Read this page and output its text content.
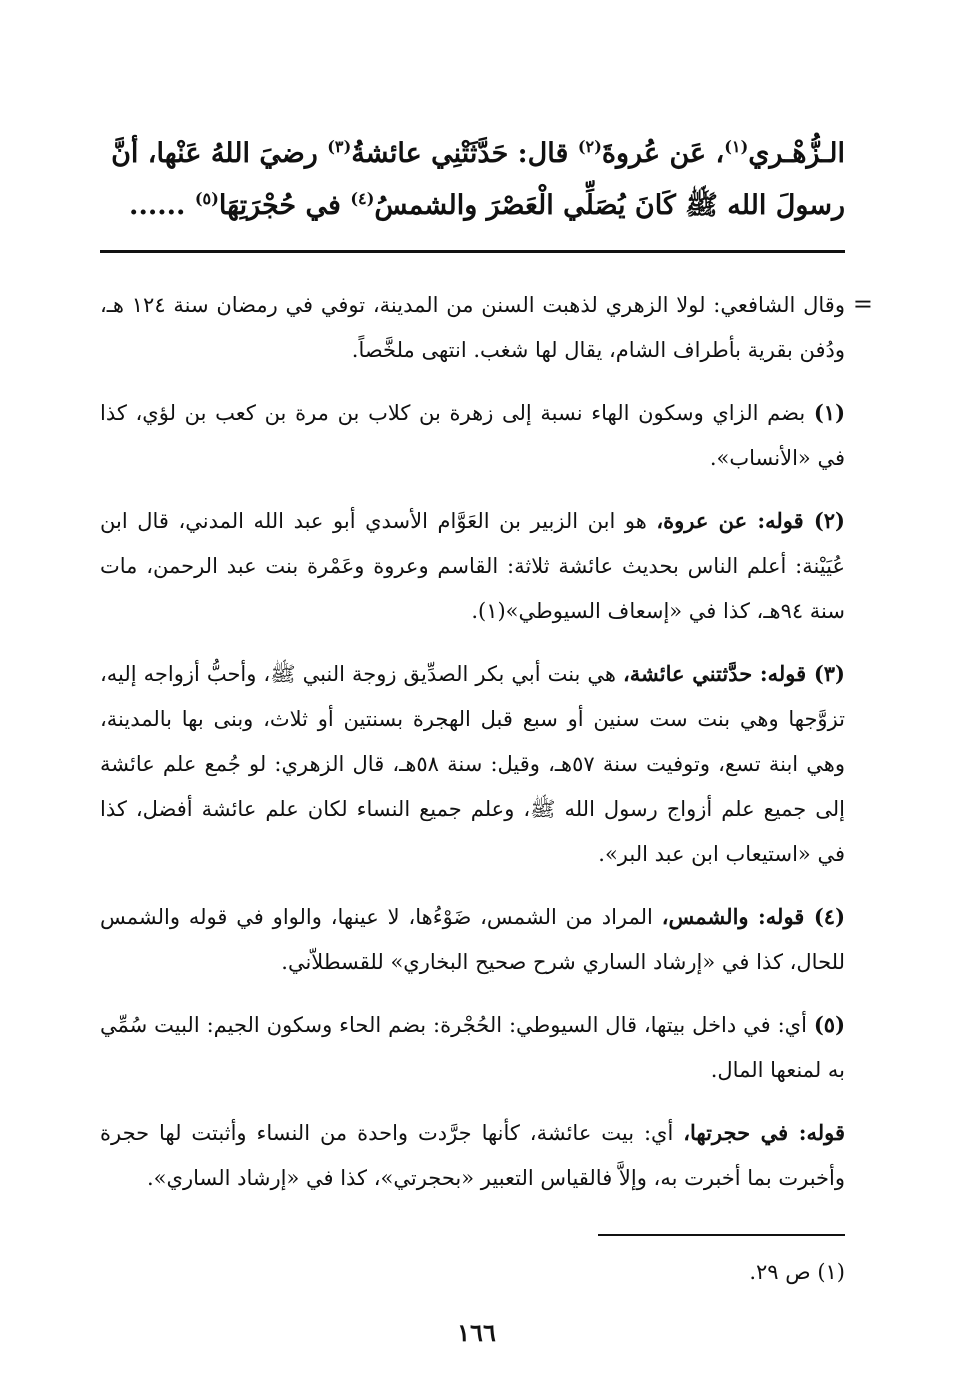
الـزُّهْـري$^{(١)}$، عَن عُروةَ$^{(٢)}$ قال: حَدَّثَتْنِي عائشةُ$^{(٣)}$ رضيَ اللهُ عَنْها، أنَّ

رسولَ الله ﷺ كَانَ يُصَلِّي الْعَصْرَ والشمسُ$^{(٤)}$ في حُجْرَتِهَا$^{(٥)}$ ......

=

وقال الشافعي: لولا الزهري لذهبت السنن من المدينة، توفي في رمضان سنة ١٢٤ هـ، ودُفن بقرية بأطراف الشام، يقال لها شغب. انتهى ملخَّصاً.

(١) بضم الزاي وسكون الهاء نسبة إلى زهرة بن كلاب بن مرة بن كعب بن لؤي، كذا في «الأنساب».

(٢) قوله: عن عروة، هو ابن الزبير بن العَوَّام الأسدي أبو عبد الله المدني، قال ابن عُيَيْنة: أعلم الناس بحديث عائشة ثلاثة: القاسم وعروة وعَمْرة بنت عبد الرحمن، مات سنة ٩٤هـ، كذا في «إسعاف السيوطي»(١).

(٣) قوله: حدَّثتني عائشة، هي بنت أبي بكر الصدِّيق زوجة النبي ﷺ، وأحبُّ أزواجه إليه، تزوَّجها وهي بنت ست سنين أو سبع قبل الهجرة بسنتين أو ثلاث، وبنى بها بالمدينة، وهي ابنة تسع، وتوفيت سنة ٥٧هـ، وقيل: سنة ٥٨هـ، قال الزهري: لو جُمع علم عائشة إلى جميع علم أزواج رسول الله ﷺ، وعلم جميع النساء لكان علم عائشة أفضل، كذا في «استيعاب ابن عبد البر».

(٤) قوله: والشمس، المراد من الشمس، ضَوْءُها، لا عينها، والواو في قوله والشمس للحال، كذا في «إرشاد الساري شرح صحيح البخاري» للقسطلاّني.

(٥) أي: في داخل بيتها، قال السيوطي: الحُجْرة: بضم الحاء وسكون الجيم: البيت سُمِّي به لمنعها المال.

قوله: في حجرتها، أي: بيت عائشة، كأنها جرَّدت واحدة من النساء وأثبتت لها حجرة وأخبرت بما أخبرت به، وإلاَّ فالقياس التعبير «بحجرتي»، كذا في «إرشاد الساري».

(١) ص ٢٩.
١٦٦
